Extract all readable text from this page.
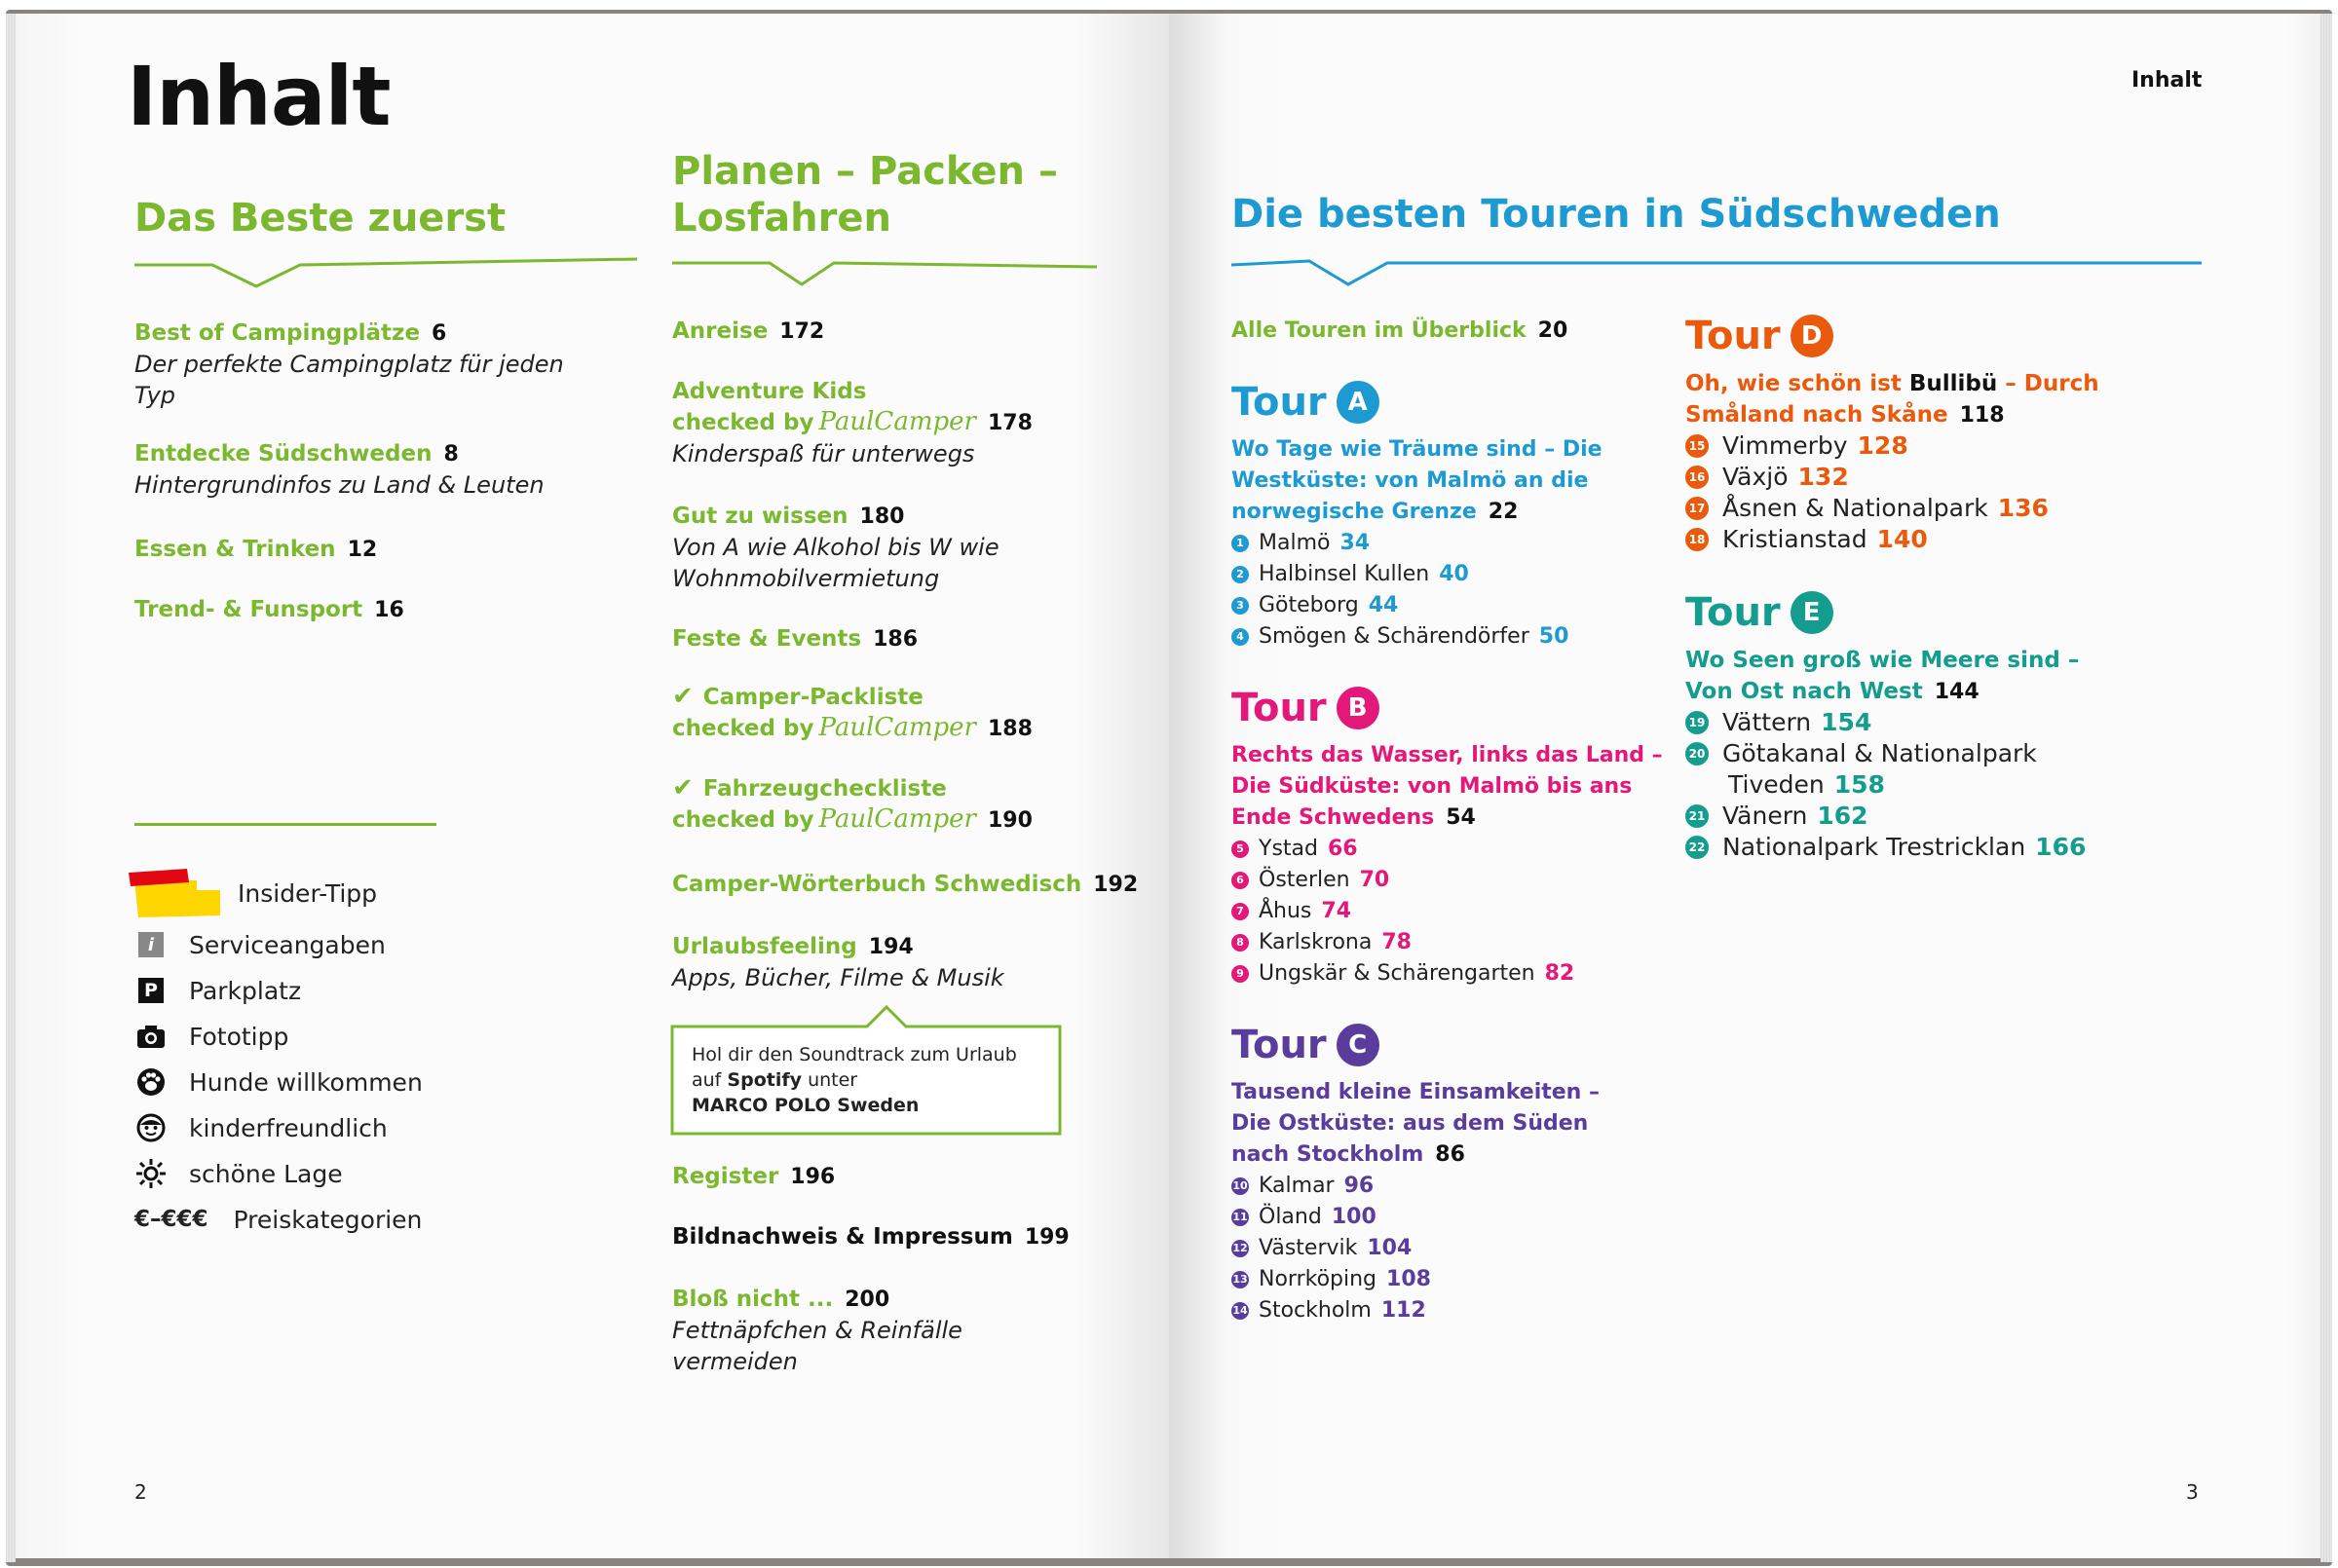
Inhalt
Das Beste zuerst
Best of Campingplätze 6
Der perfekte Campingplatz für jeden Typ
Entdecke Südschweden 8
Hintergrundinfos zu Land & Leuten
Essen & Trinken 12
Trend- & Funsport 16
Insider-Tipp
i	Serviceangaben
P Parkplatz
Fototipp
Hunde willkommen
kinderfreundlich
schöne Lage
€–€€€ Preiskategorien
2
Planen – Packen –
Losfahren
Anreise 172
Adventure Kids
checked by PaulCamper 178
Kinderspaß für unterwegs
Gut zu wissen 180
Von A wie Alkohol bis W wie Wohnmobilvermietung
Feste & Events 186
✔ Camper-Packliste
checked by PaulCamper 188
✔ Fahrzeugcheckliste
checked by PaulCamper 190
Camper-Wörterbuch Schwedisch 192
Urlaubsfeeling 194
Apps, Bücher, Filme & Musik
Hol dir den Soundtrack zum Urlaub
auf Spotify unter
MARCO POLO Sweden
Register 196
Bildnachweis & Impressum 199
Bloß nicht ... 200
Fettnäpfchen & Reinfälle vermeiden
Inhalt
Die besten Touren in Südschweden
Alle Touren im Überblick 20
Tour A
Wo Tage wie Träume sind – Die
Westküste: von Malmö an die
norwegische Grenze 22
1 Malmö 34
2 Halbinsel Kullen 40
3 Göteborg 44
4 Smögen & Schärendörfer 50
Tour B
Rechts das Wasser, links das Land –
Die Südküste: von Malmö bis ans
Ende Schwedens 54
5 Ystad 66
6 Österlen 70
7 Åhus 74
8 Karlskrona 78
9 Ungskär & Schärengarten 82
Tour C
Tausend kleine Einsamkeiten –
Die Ostküste: aus dem Süden
nach Stockholm 86
10 Kalmar 96
11 Öland 100
12 Västervik 104
13 Norrköping 108
14 Stockholm 112
Tour D
Oh, wie schön ist Bullibü – Durch
Småland nach Skåne 118
15 Vimmerby 128
16 Växjö 132
17 Åsnen & Nationalpark 136
18 Kristianstad 140
Tour E
Wo Seen groß wie Meere sind –
Von Ost nach West 144
19 Vättern 154
20 Götakanal & Nationalpark
Tiveden 158
21 Vänern 162
22 Nationalpark Trestricklan 166
3
